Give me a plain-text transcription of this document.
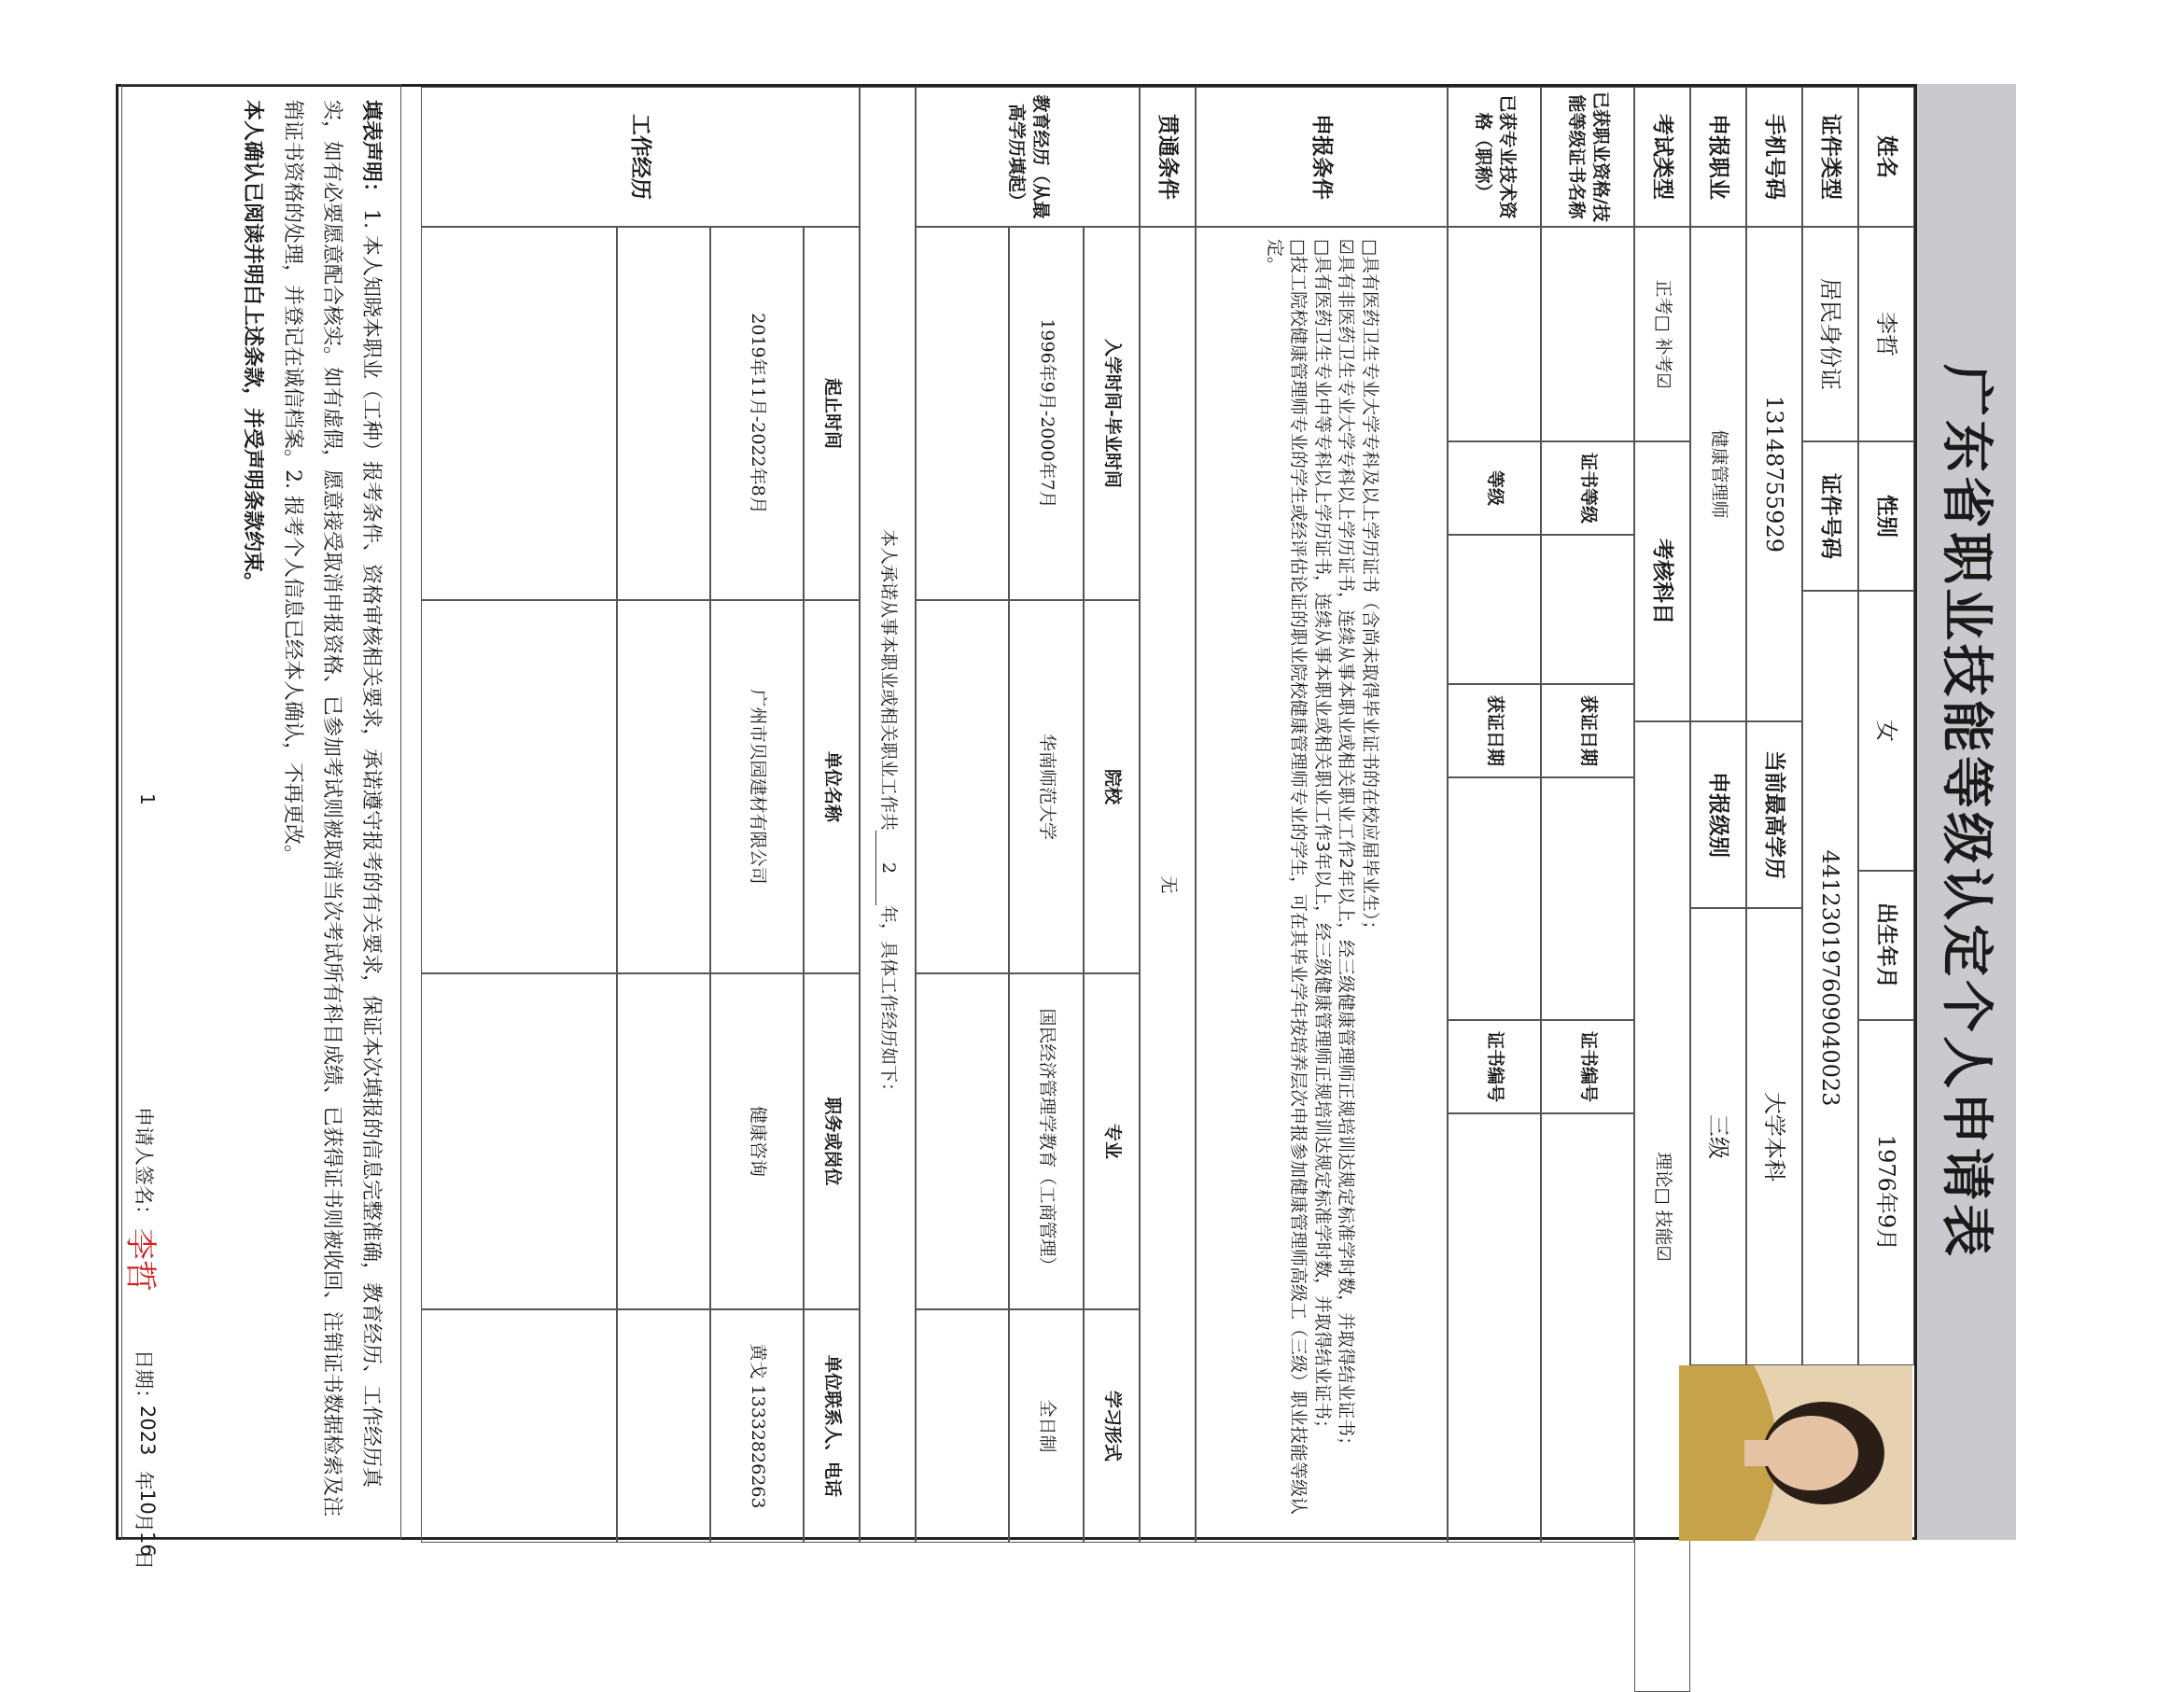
广东省职业技能等级认定个人申请表
姓名
李哲
性别
女
出生年月
1976年9月
证件类型
居民身份证
证件号码
441230197609040023
手机号码
13148755929
当前最高学历
大学本科
申报职业
健康管理师
申报级别
三级
考试类型
正考□ 补考☑
考核科目
理论□ 技能☑
已获职业资格/技能等级证书名称
证书等级
获证日期
证书编号
已获专业技术资格（职称）
等级
获证日期
证书编号
申报条件
□具有医药卫生专业大学专科及以上学历证书（含尚未取得毕业证书的在校应届毕业生）；
☑具有非医药卫生专业大学专科以上学历证书，连续从事本职业或相关职业工作2年以上，经三级健康管理师正规培训达规定标准学时数，并取得结业证书；
□具有医药卫生专业中等专科以上学历证书，连续从事本职业或相关职业工作3年以上，经三级健康管理师正规培训达规定标准学时数，并取得结业证书；
□技工院校健康管理师专业的学生或经评估论证的职业院校健康管理师专业的学生，可在其毕业学年按培养层次申报参加健康管理师高级工（三级）职业技能等级认定。
贯通条件
无
教育经历（从最高学历填起）
入学时间-毕业时间
院校
专业
学习形式
1996年9月-2000年7月
华南师范大学
国民经济管理学教育（工商管理）
全日制
本人承诺从事本职业或相关职业工作共
2
年，具体工作经历如下：
工作经历
起止时间
单位名称
职务或岗位
单位联系人、电话
2019年11月-2022年8月
广州市贝园建材有限公司
健康咨询
黄戈 13332826263
填表声明： 1. 本人知晓本职业（工种）报考条件、资格审核相关要求，承诺遵守报考的有关要求，保证本次填报的信息完整准确，教育经历、工作经历真实，如有必要愿意配合核实。如有虚假，愿意接受取消申报资格、已参加考试则被取消当次考试所有科目成绩、已获得证书则被收回、注销证书数据检索及注销证书资格的处理，并登记在诚信档案。2. 报考个人信息已经本人确认，不再更改。
本人确认已阅读并明白上述条款，并受声明条款约束。
申请人签名：
李哲
日期：
2023
年
10
月
16
日
1
